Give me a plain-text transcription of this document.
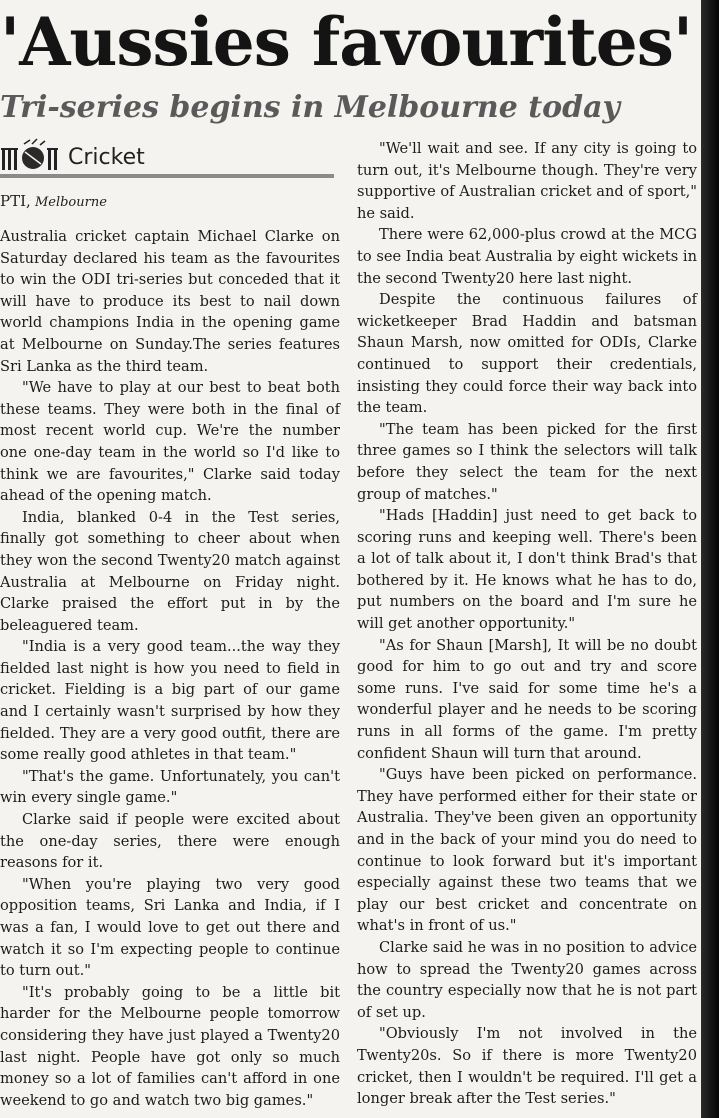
'Aussies favourites'
Tri-series begins in Melbourne today
Cricket
PTI, Melbourne

Australia cricket captain Michael Clarke on Saturday declared his team as the favourites to win the ODI tri-series but conceded that it will have to produce its best to nail down world champions India in the opening game at Melbourne on Sunday.The series features Sri Lanka as the third team.

"We have to play at our best to beat both these teams. They were both in the final of most recent world cup. We're the number one one-day team in the world so I'd like to think we are favourites," Clarke said today ahead of the opening match.

India, blanked 0-4 in the Test series, finally got something to cheer about when they won the second Twenty20 match against Australia at Melbourne on Friday night. Clarke praised the effort put in by the beleaguered team.

"India is a very good team...the way they fielded last night is how you need to field in cricket. Fielding is a big part of our game and I certainly wasn't surprised by how they fielded. They are a very good outfit, there are some really good athletes in that team."

"That's the game. Unfortunately, you can't win every single game."

Clarke said if people were excited about the one-day series, there were enough reasons for it.

"When you're playing two very good opposition teams, Sri Lanka and India, if I was a fan, I would love to get out there and watch it so I'm expecting people to continue to turn out."

"It's probably going to be a little bit harder for the Melbourne people tomorrow considering they have just played a Twenty20 last night. People have got only so much money so a lot of families can't afford in one weekend to go and watch two big games."

"We'll wait and see. If any city is going to turn out, it's Melbourne though. They're very supportive of Australian cricket and of sport," he said.

There were 62,000-plus crowd at the MCG to see India beat Australia by eight wickets in the second Twenty20 here last night.

Despite the continuous failures of wicketkeeper Brad Haddin and batsman Shaun Marsh, now omitted for ODIs, Clarke continued to support their credentials, insisting they could force their way back into the team.

"The team has been picked for the first three games so I think the selectors will talk before they select the team for the next group of matches."

"Hads [Haddin] just need to get back to scoring runs and keeping well. There's been a lot of talk about it, I don't think Brad's that bothered by it. He knows what he has to do, put numbers on the board and I'm sure he will get another opportunity."

"As for Shaun [Marsh], It will be no doubt good for him to go out and try and score some runs. I've said for some time he's a wonderful player and he needs to be scoring runs in all forms of the game. I'm pretty confident Shaun will turn that around.

"Guys have been picked on performance. They have performed either for their state or Australia. They've been given an opportunity and in the back of your mind you do need to continue to look forward but it's important especially against these two teams that we play our best cricket and concentrate on what's in front of us."

Clarke said he was in no position to advice how to spread the Twenty20 games across the country especially now that he is not part of set up.

"Obviously I'm not involved in the Twenty20s. So if there is more Twenty20 cricket, then I wouldn't be required. I'll get a longer break after the Test series."
